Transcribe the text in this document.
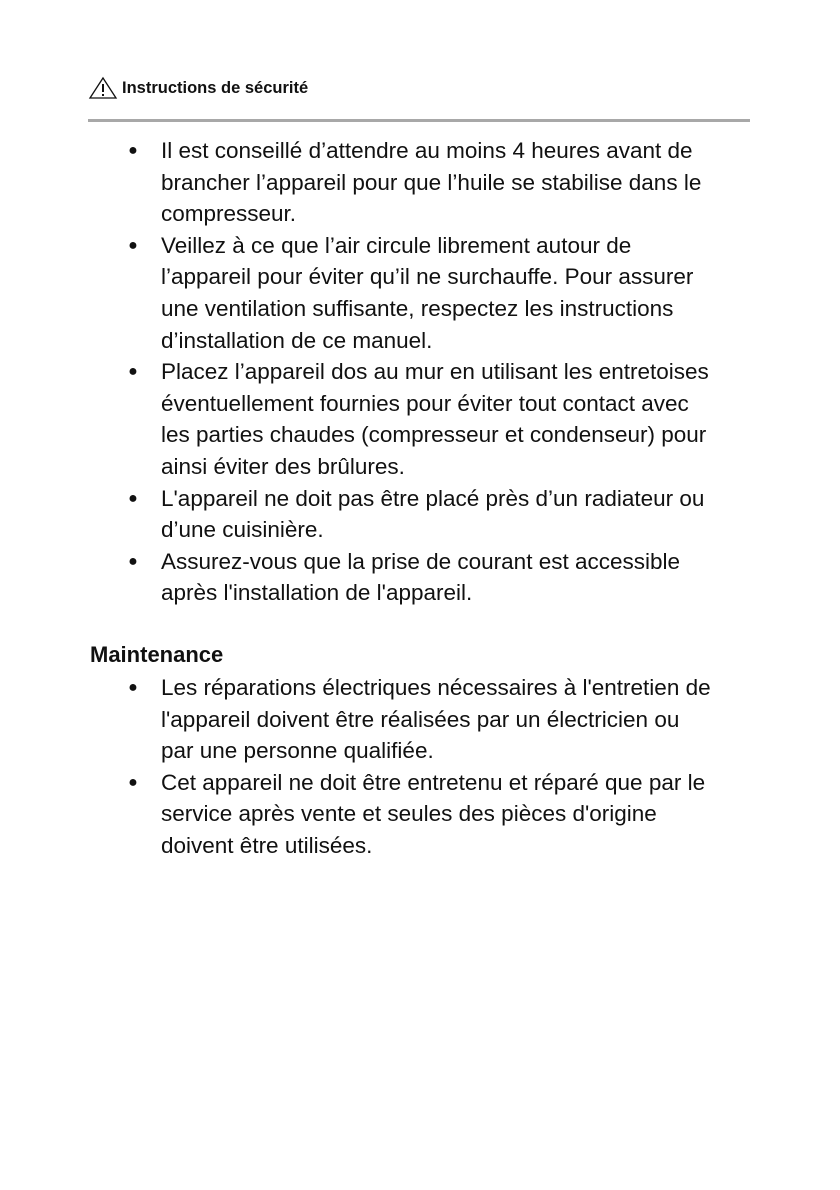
Instructions de sécurité
● Il est conseillé d’attendre au moins 4 heures avant de
brancher l’appareil pour que l’huile se stabilise dans le
compresseur.
● Veillez à ce que l’air circule librement autour de
l’appareil pour éviter qu’il ne surchauffe. Pour assurer
une ventilation suffisante, respectez les instructions
d’installation de ce manuel.
● Placez l’appareil dos au mur en utilisant les entretoises
éventuellement fournies pour éviter tout contact avec
les parties chaudes (compresseur et condenseur) pour
ainsi éviter des brûlures.
● L'appareil ne doit pas être placé près d’un radiateur ou
d’une cuisinière.
● Assurez-vous que la prise de courant est accessible
après l'installation de l'appareil.
Maintenance
● Les réparations électriques nécessaires à l'entretien de
l'appareil doivent être réalisées par un électricien ou
par une personne qualifiée.
● Cet appareil ne doit être entretenu et réparé que par le
service après vente et seules des pièces d'origine
doivent être utilisées.
